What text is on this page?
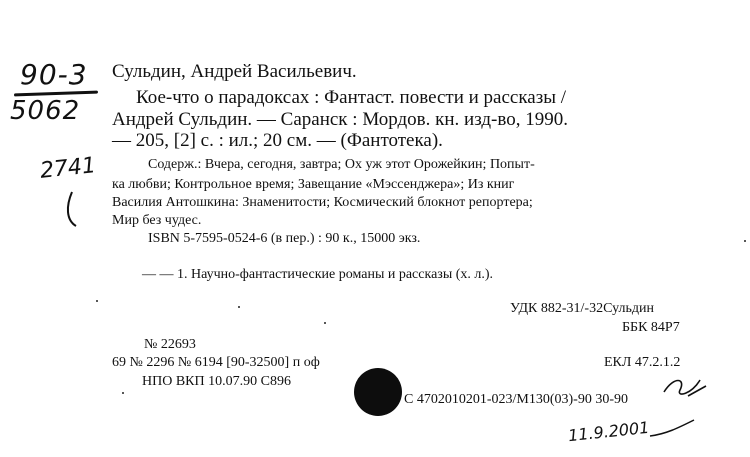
90-3
5062
2741
Сульдин, Андрей Васильевич.
Кое-что о парадоксах : Фантаст. повести и рассказы /
Андрей Сульдин. — Саранск : Мордов. кн. изд-во, 1990.
— 205, [2] с. : ил.; 20 см. — (Фантотека).
Содерж.: Вчера, сегодня, завтра; Ох уж этот Орожейкин; Попыт-
ка любви; Контрольное время; Завещание «Мэссенджера»; Из книг
Василия Антошкина: Знаменитости; Космический блокнот репортера;
Мир без чудес.
ISBN 5-7595-0524-6 (в пер.) : 90 к., 15000 экз.
— — 1. Научно-фантастические романы и рассказы (х. л.).
УДК 882-31/-32Сульдин
ББК 84Р7
№ 22693
69 № 2296 № 6194 [90-32500] п оф	ЕКЛ 47.2.1.2
НПО ВКП 10.07.90 С896
С 4702010201-023/М130(03)-90 30-90
11.9.2001
